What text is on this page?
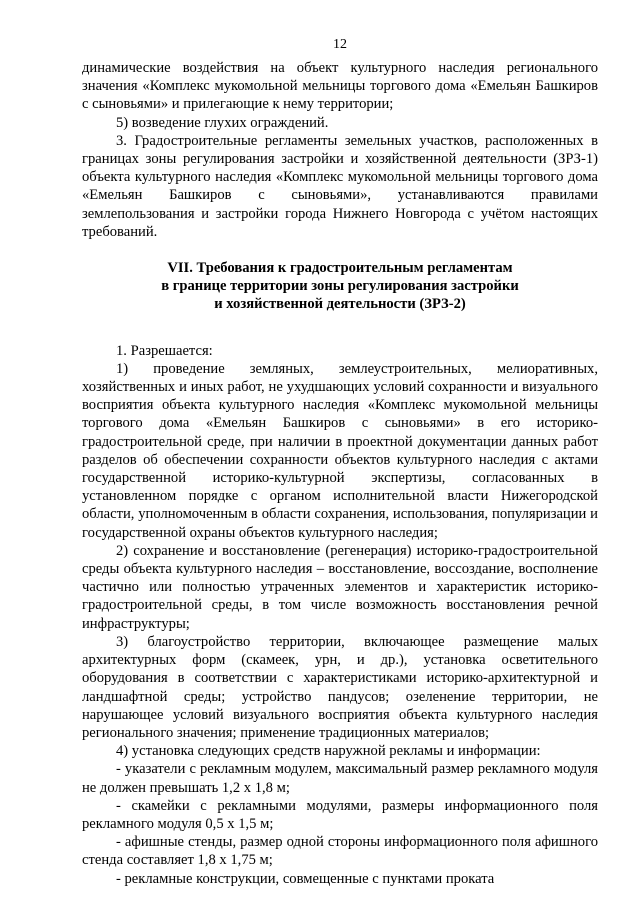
12

динамические воздействия на объект культурного наследия регионального значения «Комплекс мукомольной мельницы торгового дома «Емельян Башкиров с сыновьями» и прилегающие к нему территории;

5) возведение глухих ограждений.

3. Градостроительные регламенты земельных участков, расположенных в границах зоны регулирования застройки и хозяйственной деятельности (ЗРЗ-1) объекта культурного наследия «Комплекс мукомольной мельницы торгового дома «Емельян Башкиров с сыновьями», устанавливаются правилами землепользования и застройки города Нижнего Новгорода с учётом настоящих требований.

VII. Требования к градостроительным регламентам
в границе территории зоны регулирования застройки
и хозяйственной деятельности (ЗРЗ-2)

1. Разрешается:

1) проведение земляных, землеустроительных, мелиоративных, хозяйственных и иных работ, не ухудшающих условий сохранности и визуального восприятия объекта культурного наследия «Комплекс мукомольной мельницы торгового дома «Емельян Башкиров с сыновьями» в его историко-градостроительной среде, при наличии в проектной документации данных работ разделов об обеспечении сохранности объектов культурного наследия с актами государственной историко-культурной экспертизы, согласованных в установленном порядке с органом исполнительной власти Нижегородской области, уполномоченным в области сохранения, использования, популяризации и государственной охраны объектов культурного наследия;

2) сохранение и восстановление (регенерация) историко-градостроительной среды объекта культурного наследия – восстановление, воссоздание, восполнение частично или полностью утраченных элементов и характеристик историко-градостроительной среды, в том числе возможность восстановления речной инфраструктуры;

3) благоустройство территории, включающее размещение малых архитектурных форм (скамеек, урн, и др.), установка осветительного оборудования в соответствии с характеристиками историко-архитектурной и ландшафтной среды; устройство пандусов; озеленение территории, не нарушающее условий визуального восприятия объекта культурного наследия регионального значения; применение традиционных материалов;

4) установка следующих средств наружной рекламы и информации:

- указатели с рекламным модулем, максимальный размер рекламного модуля не должен превышать 1,2 х 1,8 м;

- скамейки с рекламными модулями, размеры информационного поля рекламного модуля 0,5 х 1,5 м;

- афишные стенды, размер одной стороны информационного поля афишного стенда составляет 1,8 х 1,75 м;

- рекламные конструкции, совмещенные с пунктами проката
